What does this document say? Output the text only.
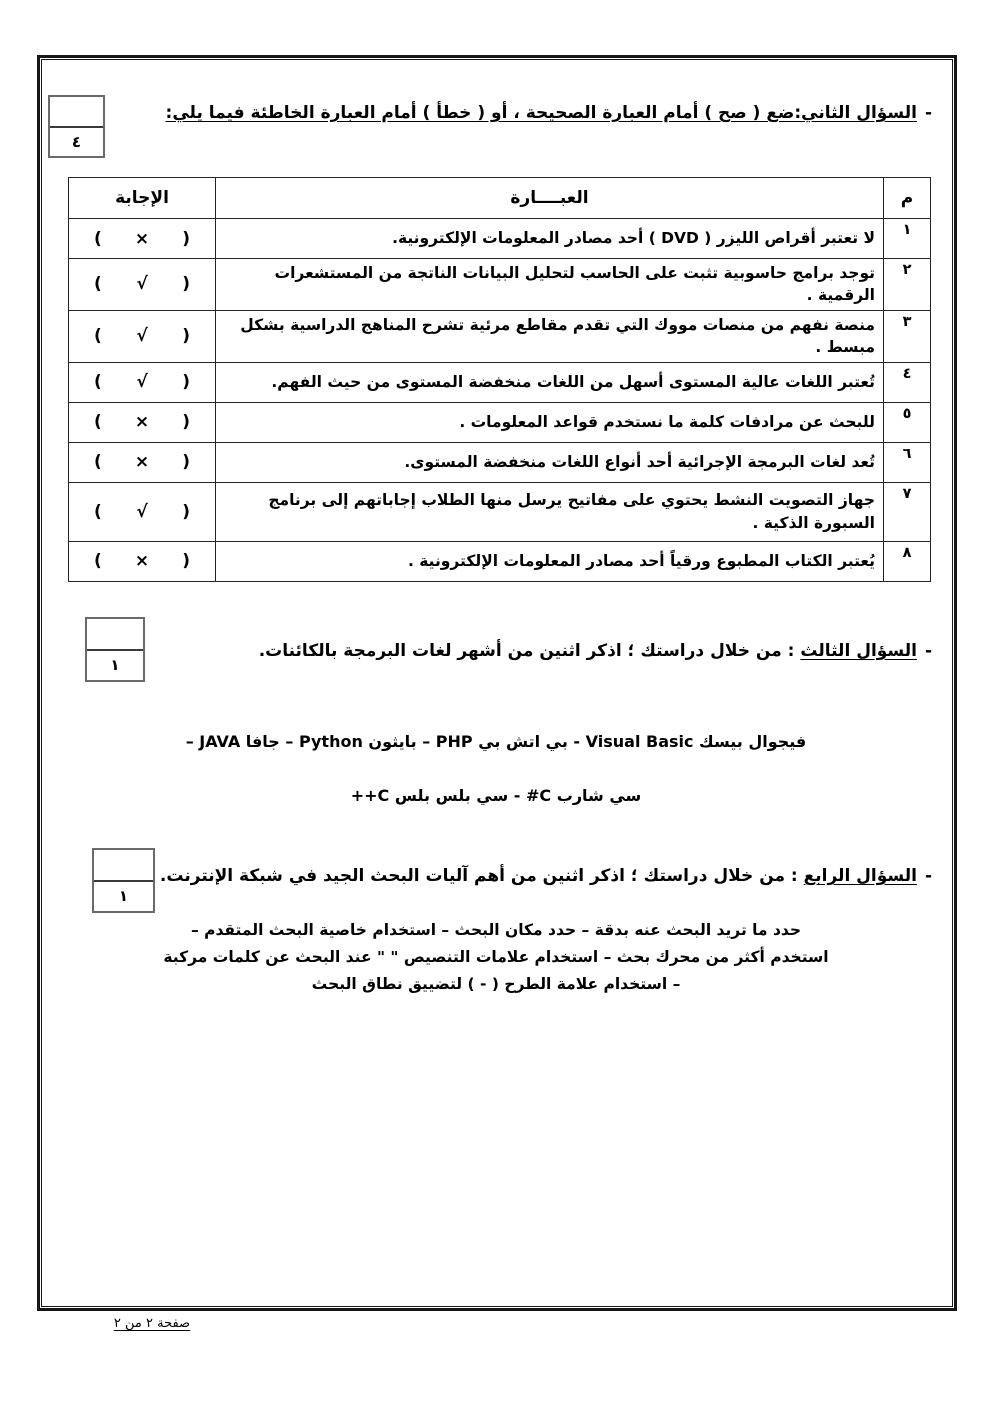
٤
-السؤال الثاني:ضع ( صح ) أمام العبارة الصحيحة ، أو ( خطأ ) أمام العبارة الخاطئة فيما يلي:
م	العبــــارة	الإجابة
١	لا تعتبر أقراص الليزر ( DVD ) أحد مصادر المعلومات الإلكترونية.	( × )

٢	توجد برامج حاسوبية تثبت على الحاسب لتحليل البيانات الناتجة من المستشعرات الرقمية .	( √ )

٣	منصة نفهم من منصات مووك التي تقدم مقاطع مرئية تشرح المناهج الدراسية بشكل مبسط .	( √ )

٤	تُعتبر اللغات عالية المستوى أسهل من اللغات منخفضة المستوى من حيث الفهم.	( √ )

٥	للبحث عن مرادفات كلمة ما نستخدم قواعد المعلومات .	( × )

٦	تُعد لغات البرمجة الإجرائية أحد أنواع اللغات منخفضة المستوى.	( × )

٧	جهاز التصويت النشط يحتوي على مفاتيح يرسل منها الطلاب إجاباتهم إلى برنامج السبورة الذكية .	( √ )

٨	يُعتبر الكتاب المطبوع ورقياً أحد مصادر المعلومات الإلكترونية .	( × )
١
-السؤال الثالث : من خلال دراستك ؛ اذكر اثنين من أشهر لغات البرمجة بالكائنات.
فيجوال بيسك Visual Basic - بي اتش بي PHP – بايثون Python – جافا JAVA –
سي شارب C# - سي بلس بلس C++
١
-السؤال الرابع : من خلال دراستك ؛ اذكر اثنين من أهم آليات البحث الجيد في شبكة الإنترنت.
حدد ما تريد البحث عنه بدقة – حدد مكان البحث – استخدام خاصية البحث المتقدم –
استخدم أكثر من محرك بحث – استخدام علامات التنصيص " " عند البحث عن كلمات مركبة
– استخدام علامة الطرح ( - ) لتضييق نطاق البحث
صفحة ٢ من ٢
